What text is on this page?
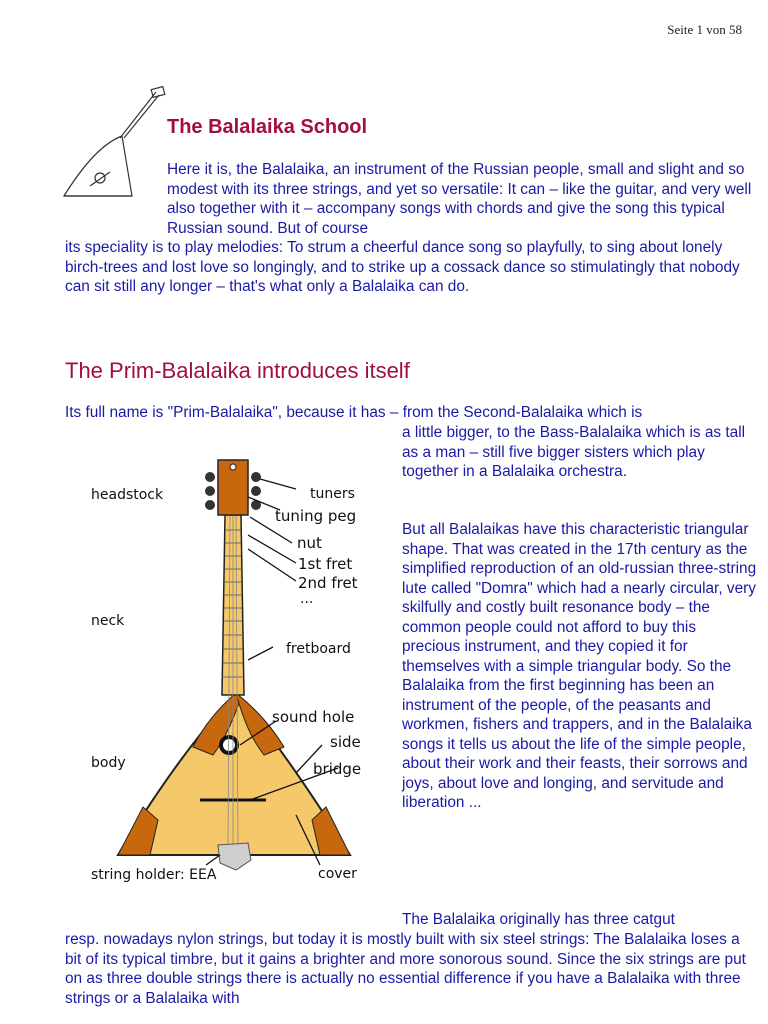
Seite 1 von 58
The Balalaika School

Here it is, the Balalaika, an instrument of the Russian people, small and slight and so modest with its three strings, and yet so versatile: It can – like the guitar, and very well also together with it – accompany songs with chords and give the song this typical Russian sound. But of course

its speciality is to play melodies: To strum a cheerful dance song so playfully, to sing about lonely birch-trees and lost love so longingly, and to strike up a cossack dance so stimulatingly that nobody can sit still any longer – that's what only a Balalaika can do.

The Prim-Balalaika introduces itself

Its full name is "Prim-Balalaika", because it has – from the Second-Balalaika which is

a little bigger, to the Bass-Balalaika which is as tall as a man – still five bigger sisters which play together in a Balalaika orchestra.

But all Balalaikas have this characteristic triangular shape. That was created in the 17th century as the simplified reproduction of an old-russian three-string lute called "Domra" which had a nearly circular, very skilfully and costly built resonance body – the common people could not afford to buy this precious instrument, and they copied it for themselves with a simple triangular body. So the Balalaika from the first beginning has been an instrument of the people, of the peasants and workmen, fishers and trappers, and in the Balalaika songs it tells us about the life of the simple people, about their work and their feasts, their sorrows and joys, about love and longing, and servitude and liberation ...

The Balalaika originally has three catgut

resp. nowadays nylon strings, but today it is mostly built with six steel strings: The Balalaika loses a bit of its typical timbre, but it gains a brighter and more sonorous sound. Since the six strings are put on as three double strings there is actually no essential difference if you have a Balalaika with three strings or a Balalaika with

headstock	tuners
tuning peg
nut
1st fret
2nd fret
...
neck
fretboard
sound hole
side
body	bridge
string holder: EEA	cover
